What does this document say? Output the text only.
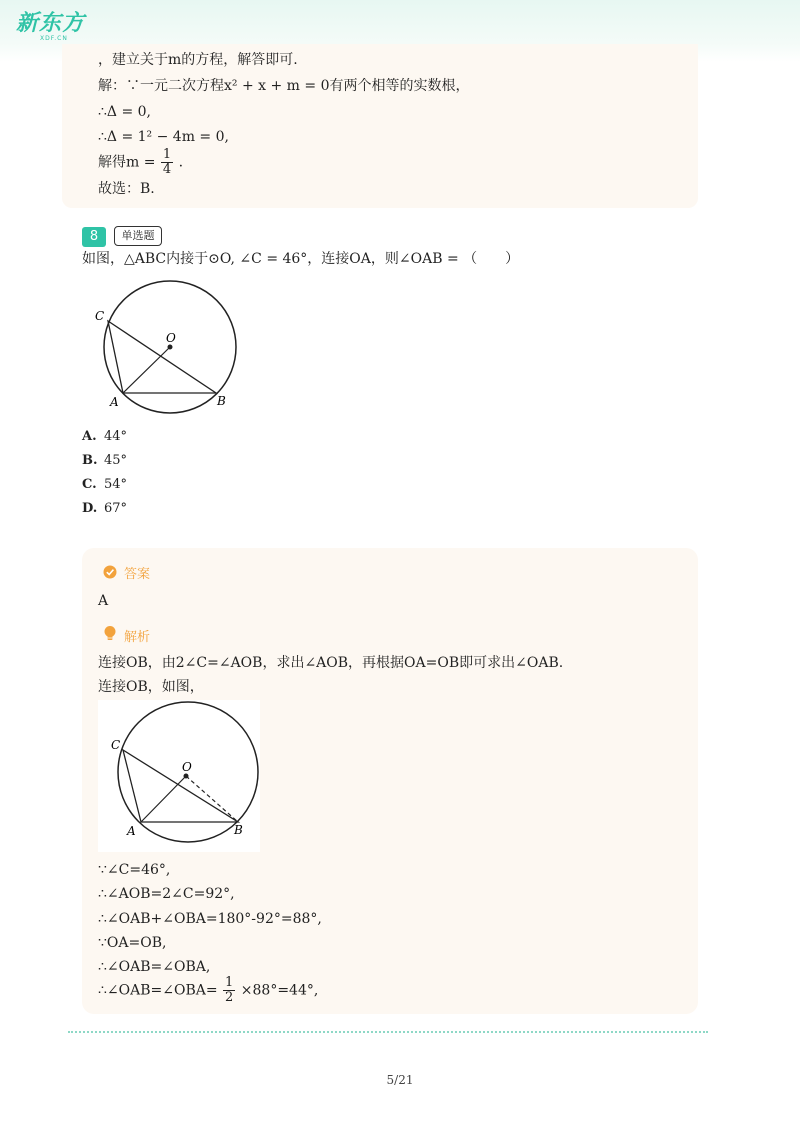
新东方
XDF.CN
，建立关于m的方程，解答即可.
解：∵一元二次方程x² + x + m = 0有两个相等的实数根，
∴Δ = 0,
∴Δ = 1² − 4m = 0,
解得$m = \frac{1}{4}$ .
故选：B.
8	单选题
如图，△ABC内接于⊙O, ∠C = 46°，连接OA，则∠OAB = （　　）
C
O
A	B
A. 44°
B. 45°
C. 54°
D. 67°
答案
A
解析
连接OB，由2∠C=∠AOB，求出∠AOB，再根据OA=OB即可求出∠OAB.
连接OB，如图，
C
O
A	B
∵∠C=46°,
∴∠AOB=2∠C=92°,
∴∠OAB+∠OBA=180°-92°=88°,
∵OA=OB,
∴∠OAB=∠OBA,
∴∠OAB=∠OBA= $\frac{1}{2} \times 88^\circ=44^\circ$,
5/21
